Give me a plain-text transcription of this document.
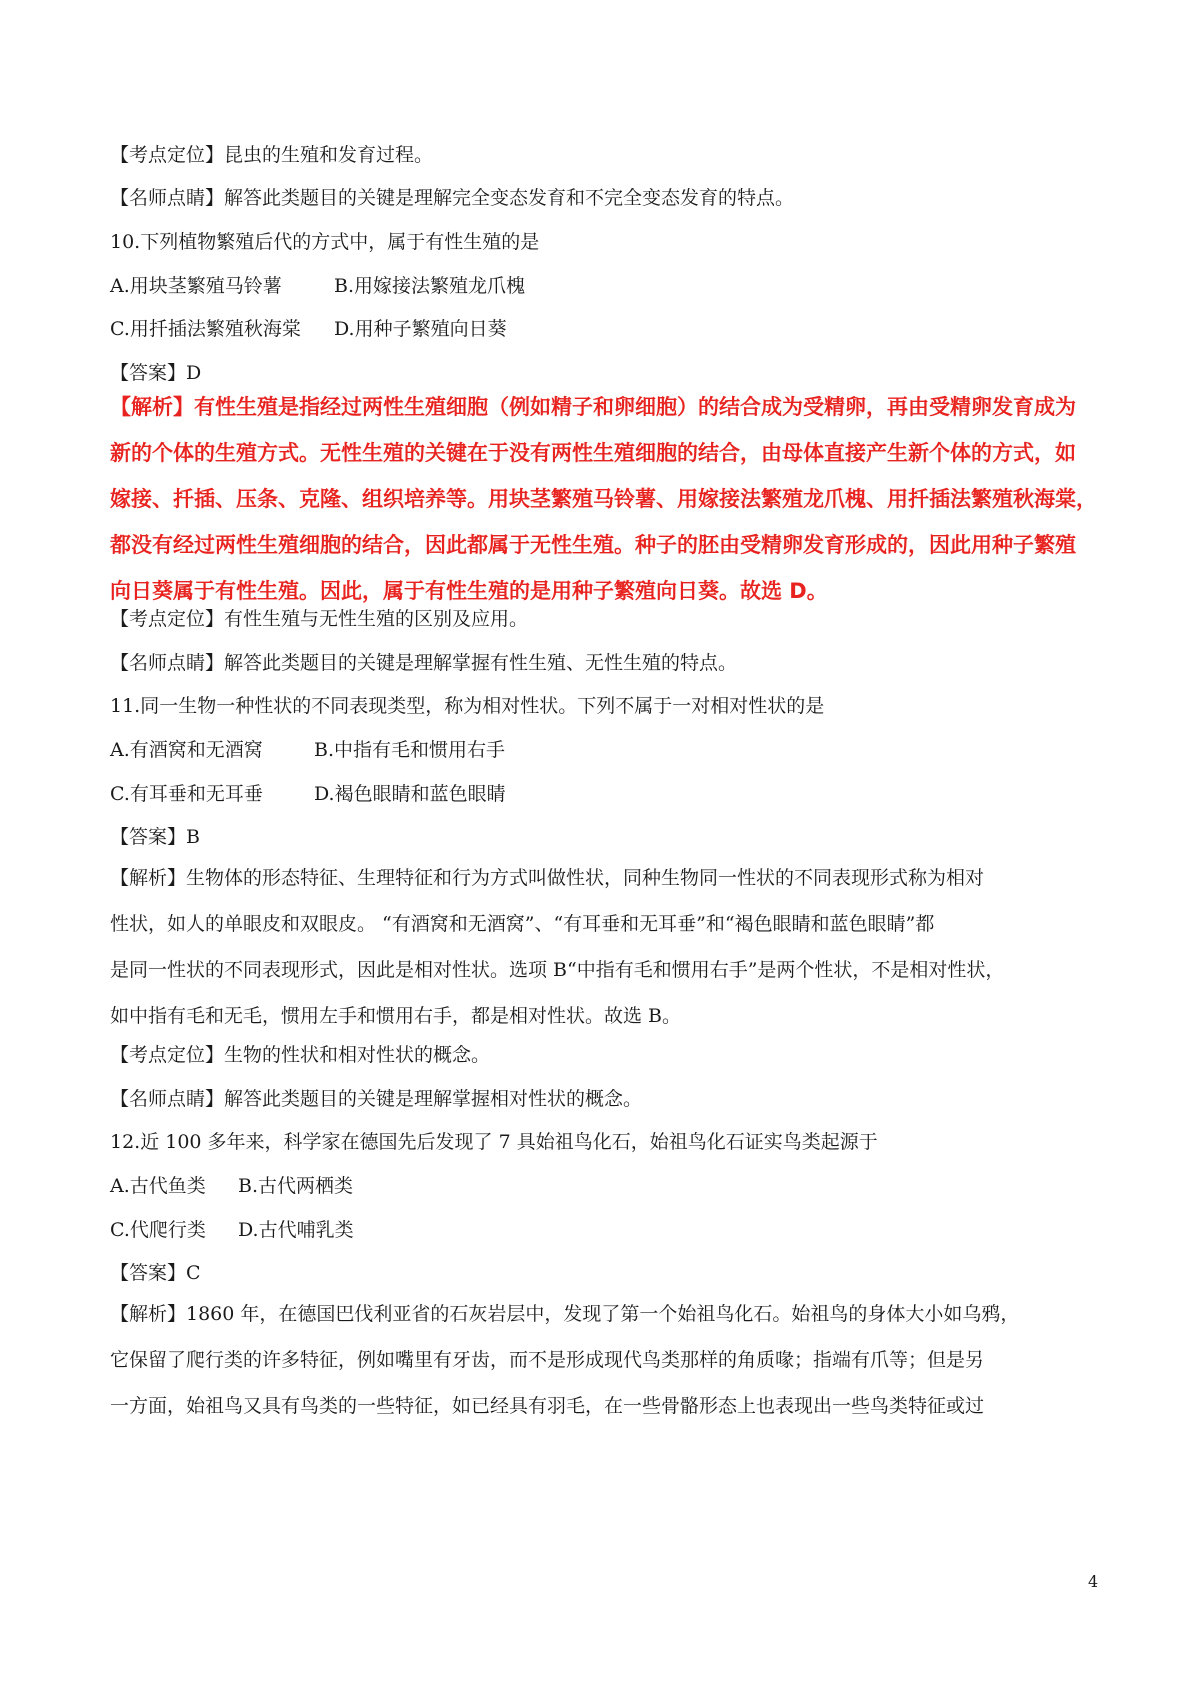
【考点定位】昆虫的生殖和发育过程。
【名师点睛】解答此类题目的关键是理解完全变态发育和不完全变态发育的特点。
10.下列植物繁殖后代的方式中，属于有性生殖的是
A.用块茎繁殖马铃薯	B.用嫁接法繁殖龙爪槐
C.用扦插法繁殖秋海棠 D.用种子繁殖向日葵
【答案】D
【解析】有性生殖是指经过两性生殖细胞（例如精子和卵细胞）的结合成为受精卵，再由受精卵发育成为
新的个体的生殖方式。无性生殖的关键在于没有两性生殖细胞的结合，由母体直接产生新个体的方式，如
嫁接、扦插、压条、克隆、组织培养等。用块茎繁殖马铃薯、用嫁接法繁殖龙爪槐、用扦插法繁殖秋海棠，
都没有经过两性生殖细胞的结合，因此都属于无性生殖。种子的胚由受精卵发育形成的，因此用种子繁殖
向日葵属于有性生殖。因此，属于有性生殖的是用种子繁殖向日葵。故选 D。
【考点定位】有性生殖与无性生殖的区别及应用。
【名师点睛】解答此类题目的关键是理解掌握有性生殖、无性生殖的特点。
11.同一生物一种性状的不同表现类型，称为相对性状。下列不属于一对相对性状的是
A.有酒窝和无酒窝	B.中指有毛和惯用右手
C.有耳垂和无耳垂	D.褐色眼睛和蓝色眼睛
【答案】B
【解析】生物体的形态特征、生理特征和行为方式叫做性状，同种生物同一性状的不同表现形式称为相对
性状，如人的单眼皮和双眼皮。 “有酒窝和无酒窝”、“有耳垂和无耳垂”和“褐色眼睛和蓝色眼睛”都
是同一性状的不同表现形式，因此是相对性状。选项 B“中指有毛和惯用右手”是两个性状，不是相对性状，
如中指有毛和无毛，惯用左手和惯用右手，都是相对性状。故选 B。
【考点定位】生物的性状和相对性状的概念。
【名师点睛】解答此类题目的关键是理解掌握相对性状的概念。
12.近 100 多年来，科学家在德国先后发现了 7 具始祖鸟化石，始祖鸟化石证实鸟类起源于
A.古代鱼类 B.古代两栖类
C.代爬行类 D.古代哺乳类
【答案】C
【解析】1860 年，在德国巴伐利亚省的石灰岩层中，发现了第一个始祖鸟化石。始祖鸟的身体大小如乌鸦，
它保留了爬行类的许多特征，例如嘴里有牙齿，而不是形成现代鸟类那样的角质喙；指端有爪等；但是另
一方面，始祖鸟又具有鸟类的一些特征，如已经具有羽毛，在一些骨骼形态上也表现出一些鸟类特征或过
4
